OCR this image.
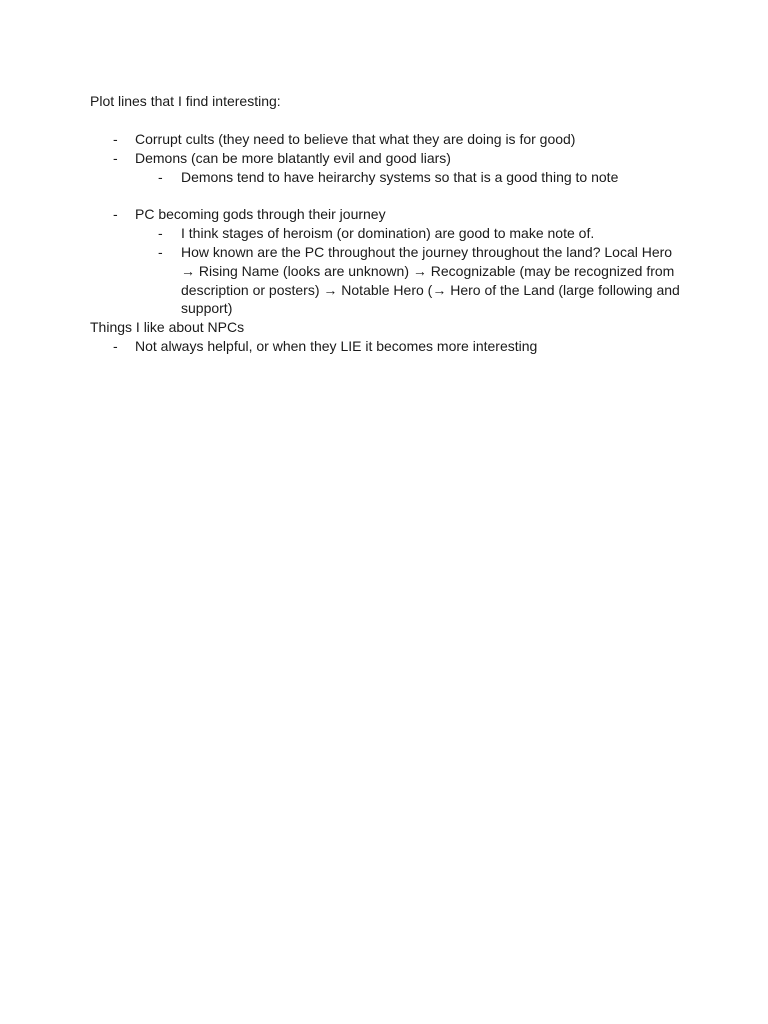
Plot lines that I find interesting:
-	Corrupt cults (they need to believe that what they are doing is for good)
-	Demons (can be more blatantly evil and good liars)
-	Demons tend to have heirarchy systems so that is a good thing to note
-	PC becoming gods through their journey
-	I think stages of heroism (or domination) are good to make note of.
-	How known are the PC throughout the journey throughout the land? Local Hero
→ Rising Name (looks are unknown) → Recognizable (may be recognized from
description or posters) → Notable Hero (→ Hero of the Land (large following and
support)
Things I like about NPCs
-	Not always helpful, or when they LIE it becomes more interesting
